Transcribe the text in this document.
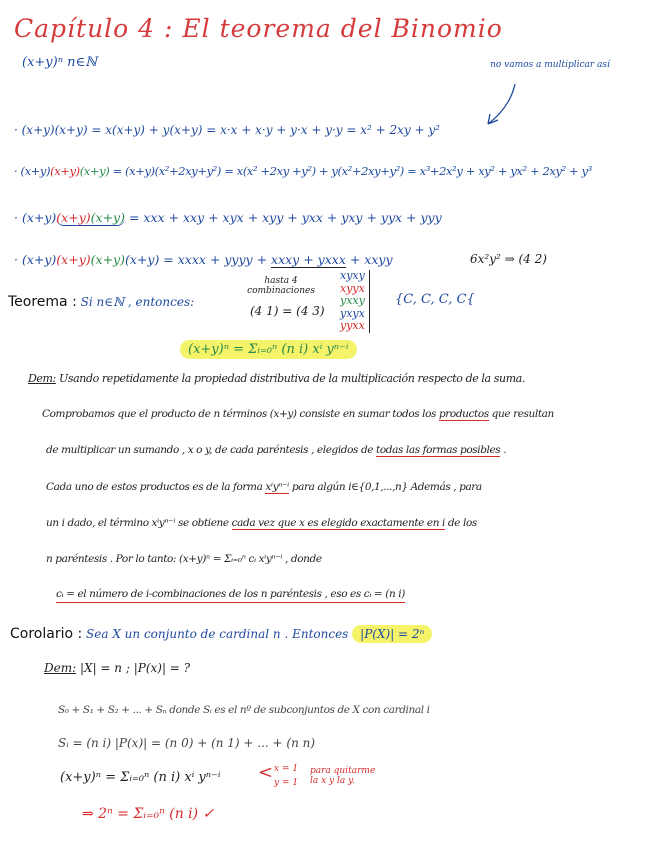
Capítulo 4 : El teorema del Binomio
(x+y)ⁿ n∈ℕ	no vamos a multiplicar así
· (x+y)(x+y) = x(x+y) + y(x+y) = x·x + x·y + y·x + y·y = x² + 2xy + y²
· (x+y)(x+y)(x+y) = (x+y)(x²+2xy+y²) = x(x² +2xy +y²) + y(x²+2xy+y²) = x³+2x²y + xy² + yx² + 2xy² + y³
· (x+y)(x+y)(x+y) = xxx + xxy + xyx + xyy + yxx + yxy + yyx + yyy
· (x+y)(x+y)(x+y)(x+y) = xxxx + yyyy + xxxy + yxxx + xxyy
hasta 4 combinaciones
(4 1) = (4 3)
xyxy
xyyx
yxxy
yxyx
yyxx
6x²y² ⇒ (4 2)
{C, C, C, C{
Teorema : Si n∈ℕ , entonces:
(x+y)ⁿ = Σᵢ₌₀ⁿ (n i) xⁱ yⁿ⁻ⁱ
Dem: Usando repetidamente la propiedad distributiva de la multiplicación respecto de la suma.
Comprobamos que el producto de n términos (x+y) consiste en sumar todos los productos que resultan
de multiplicar un sumando , x o y, de cada paréntesis , elegidos de todas las formas posibles .
Cada uno de estos productos es de la forma xⁱyⁿ⁻ⁱ para algún i∈{0,1,...,n} Además , para
un i dado, el término xⁱyⁿ⁻ⁱ se obtiene cada vez que x es elegido exactamente en i de los
n paréntesis . Por lo tanto: (x+y)ⁿ = Σᵢ₌₀ⁿ cᵢ xⁱyⁿ⁻ⁱ , donde
cᵢ = el número de i-combinaciones de los n paréntesis , eso es cᵢ = (n i)
Corolario : Sea X un conjunto de cardinal n . Entonces |P(X)| = 2ⁿ
Dem: |X| = n ; |P(x)| = ?
S₀ + S₁ + S₂ + ... + Sₙ donde Sᵢ es el nº de subconjuntos de X con cardinal i
Sᵢ = (n i) |P(x)| = (n 0) + (n 1) + ... + (n n)
(x+y)ⁿ = Σᵢ₌₀ⁿ (n i) xⁱ yⁿ⁻ⁱ < x = 1
y = 1
para quitarme la x y la y.
⇒ 2ⁿ = Σᵢ₌₀ⁿ (n i) ✓
